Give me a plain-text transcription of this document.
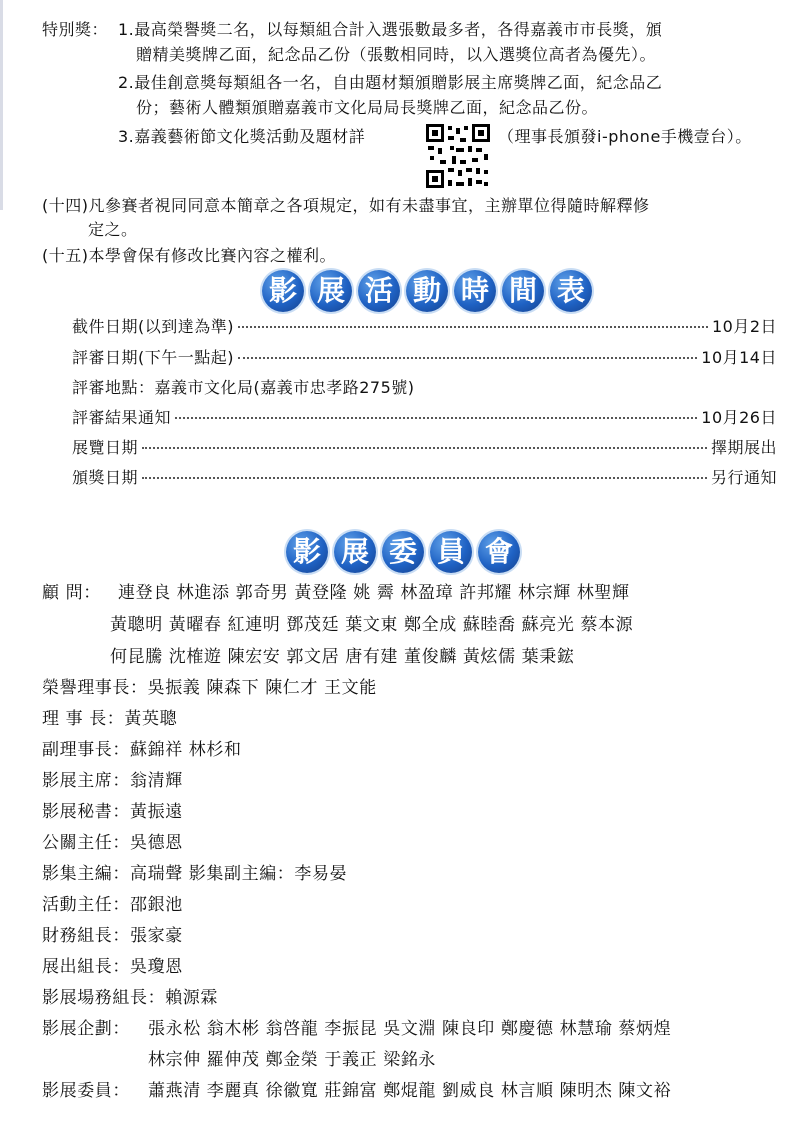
特別獎： 1.最高榮譽獎二名，以每類組合計入選張數最多者，各得嘉義市市長獎，頒
贈精美獎牌乙面，紀念品乙份（張數相同時，以入選獎位高者為優先）。
2.最佳創意獎每類組各一名，自由題材類頒贈影展主席獎牌乙面，紀念品乙
份；藝術人體類頒贈嘉義市文化局局長獎牌乙面，紀念品乙份。
3.嘉義藝術節文化獎活動及題材詳	（理事長頒發i-phone手機壹台）。
(十四)凡參賽者視同同意本簡章之各項規定，如有未盡事宜，主辦單位得隨時解釋修
定之。
(十五)本學會保有修改比賽內容之權利。
影 展 活 動 時 間 表
截件日期(以到達為準)	10月2日
評審日期(下午一點起)	10月14日
評審地點：嘉義市文化局(嘉義市忠孝路275號)
評審結果通知	10月26日
展覽日期	擇期展出
頒獎日期	另行通知
影 展 委 員 會
顧 問： 連登良 林進添 郭奇男 黃登隆 姚 霽 林盈璋 許邦耀 林宗輝 林聖輝
黃聰明 黃曜春 紅連明 鄧茂廷 葉文東 鄭全成 蘇睦喬 蘇亮光 蔡本源
何昆騰 沈榷遊 陳宏安 郭文居 唐有建 董俊麟 黃炫儒 葉秉鋐
榮譽理事長：吳振義 陳森下 陳仁才 王文能
理 事 長：黃英聰
副理事長：蘇錦祥 林杉和
影展主席：翁清輝
影展秘書：黃振遠
公關主任：吳德恩
影集主編：高瑞聲 影集副主編：李易晏
活動主任：邵銀池
財務組長：張家豪
展出組長：吳瓊恩
影展場務組長：賴源霖
影展企劃： 張永松 翁木彬 翁啓龍 李振昆 吳文淵 陳良印 鄭慶德 林慧瑜 蔡炳煌
林宗伸 羅伸茂 鄭金榮 于義正 梁銘永
影展委員： 蕭燕清 李麗真 徐徽寬 莊錦富 鄭焜龍 劉威良 林言順 陳明杰 陳文裕
